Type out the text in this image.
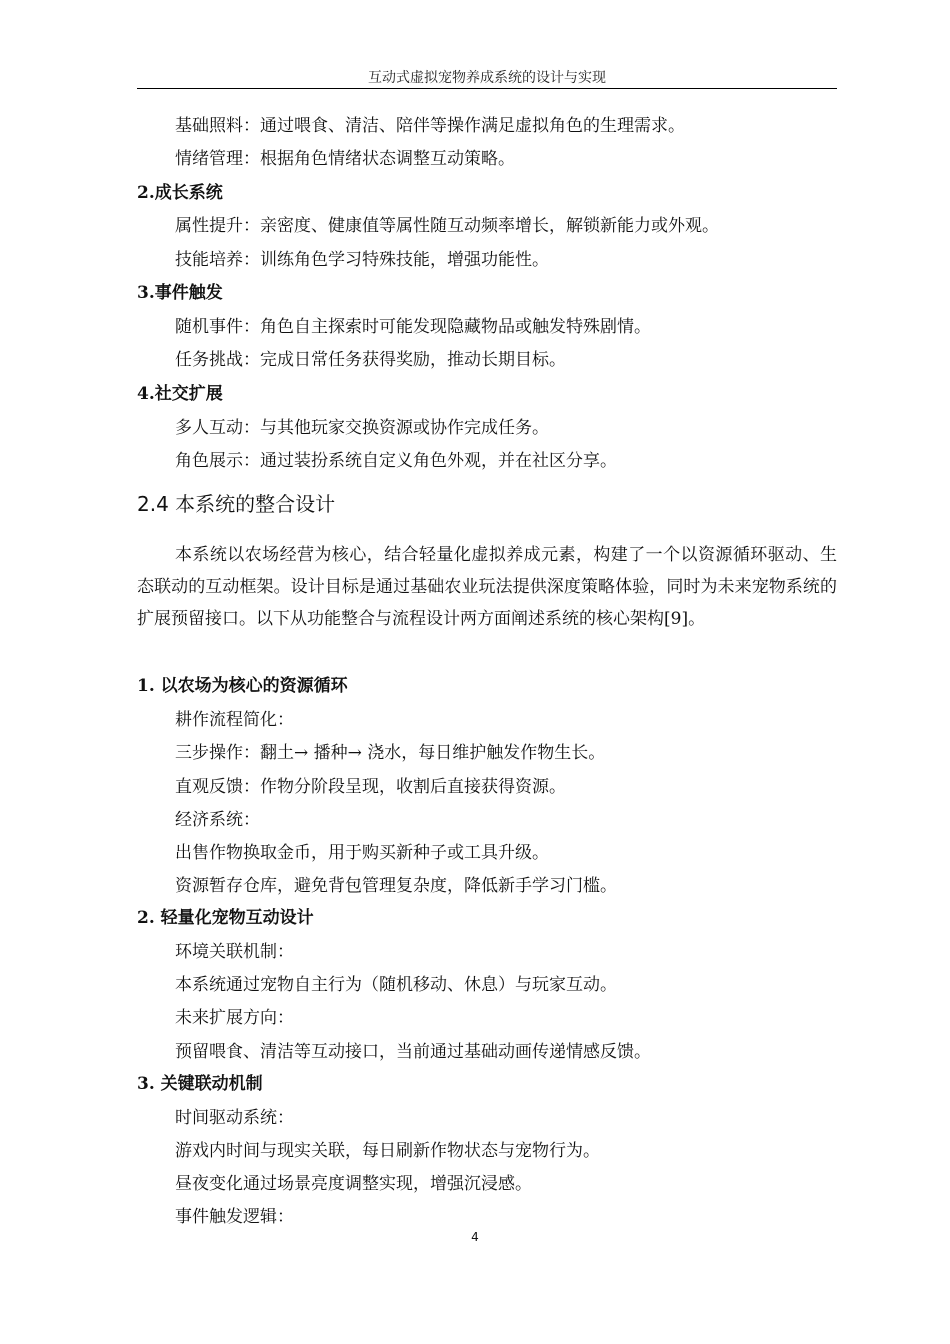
互动式虚拟宠物养成系统的设计与实现
基础照料：通过喂食、清洁、陪伴等操作满足虚拟角色的生理需求。
情绪管理：根据角色情绪状态调整互动策略。
2.成长系统
属性提升：亲密度、健康值等属性随互动频率增长，解锁新能力或外观。
技能培养：训练角色学习特殊技能，增强功能性。
3.事件触发
随机事件：角色自主探索时可能发现隐藏物品或触发特殊剧情。
任务挑战：完成日常任务获得奖励，推动长期目标。
4.社交扩展
多人互动：与其他玩家交换资源或协作完成任务。
角色展示：通过装扮系统自定义角色外观，并在社区分享。
2.4 本系统的整合设计
本系统以农场经营为核心，结合轻量化虚拟养成元素，构建了一个以资源循环驱动、生态联动的互动框架。设计目标是通过基础农业玩法提供深度策略体验，同时为未来宠物系统的扩展预留接口。以下从功能整合与流程设计两方面阐述系统的核心架构[9]。
1. 以农场为核心的资源循环
耕作流程简化：
三步操作：翻土→ 播种→ 浇水，每日维护触发作物生长。
直观反馈：作物分阶段呈现，收割后直接获得资源。
经济系统：
出售作物换取金币，用于购买新种子或工具升级。
资源暂存仓库，避免背包管理复杂度，降低新手学习门槛。
2. 轻量化宠物互动设计
环境关联机制：
本系统通过宠物自主行为（随机移动、休息）与玩家互动。
未来扩展方向：
预留喂食、清洁等互动接口，当前通过基础动画传递情感反馈。
3. 关键联动机制
时间驱动系统：
游戏内时间与现实关联，每日刷新作物状态与宠物行为。
昼夜变化通过场景亮度调整实现，增强沉浸感。
事件触发逻辑：
4
